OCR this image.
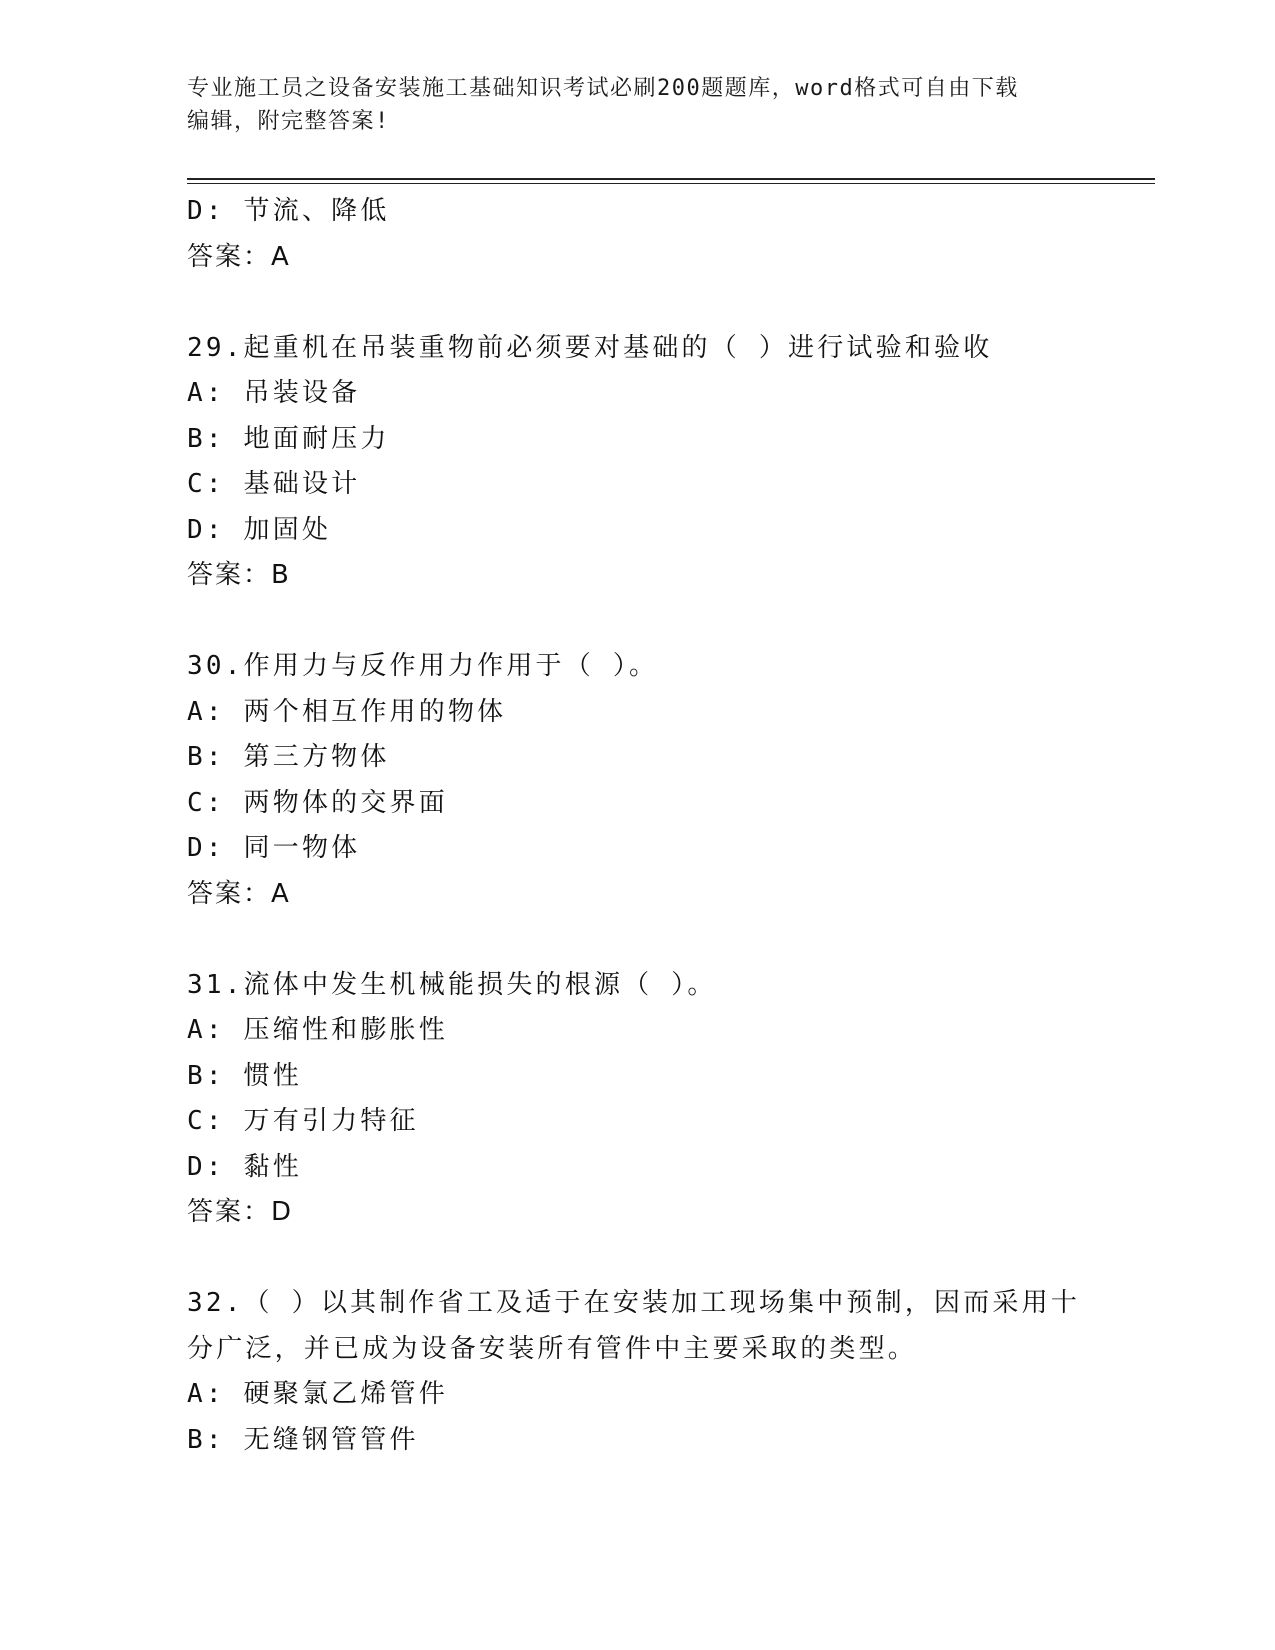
专业施工员之设备安装施工基础知识考试必刷200题题库，word格式可自由下载
编辑，附完整答案!
D: 节流、降低
答案：A
29.起重机在吊装重物前必须要对基础的（ ）进行试验和验收
A: 吊装设备
B: 地面耐压力
C: 基础设计
D: 加固处
答案：B
30.作用力与反作用力作用于（ ）。
A: 两个相互作用的物体
B: 第三方物体
C: 两物体的交界面
D: 同一物体
答案：A
31.流体中发生机械能损失的根源（ ）。
A: 压缩性和膨胀性
B: 惯性
C: 万有引力特征
D: 黏性
答案：D
32.（ ）以其制作省工及适于在安装加工现场集中预制，因而采用十
分广泛，并已成为设备安装所有管件中主要采取的类型。
A: 硬聚氯乙烯管件
B: 无缝钢管管件
